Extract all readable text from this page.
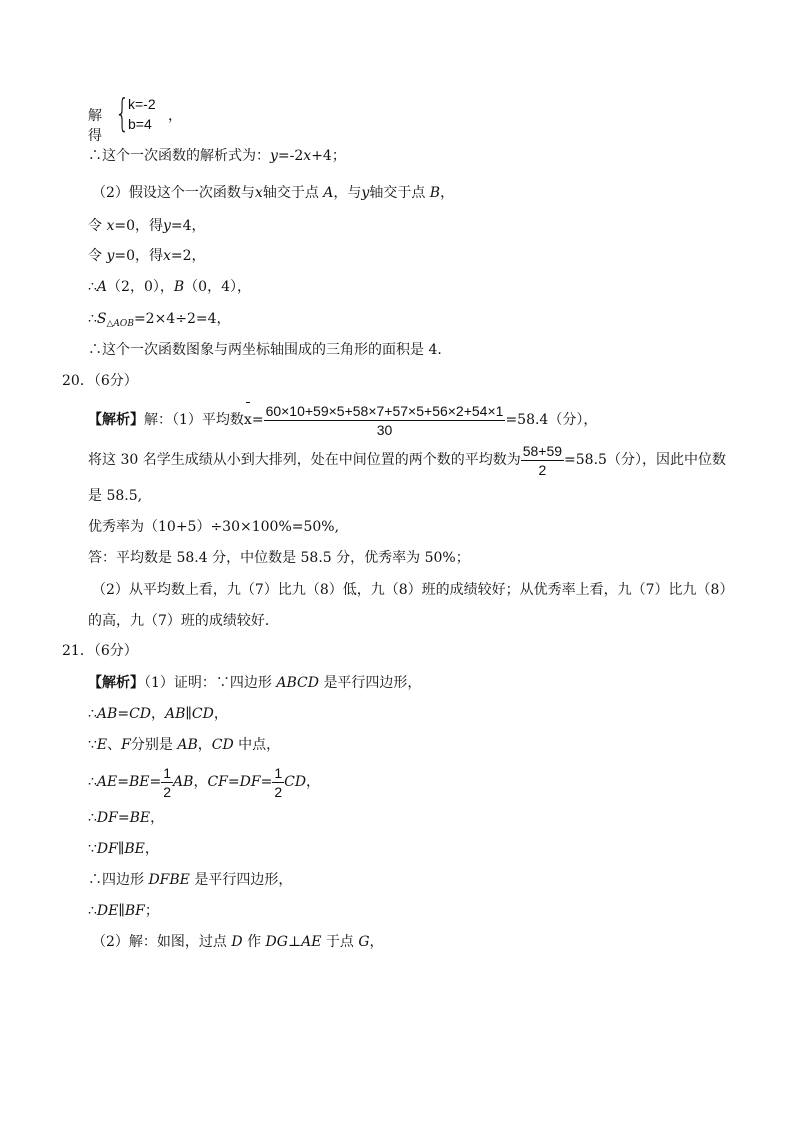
解得
{
k=-2
b=4 ，
∴这个一次函数的解析式为：y=-2x+4；
（2）假设这个一次函数与x轴交于点 A，与y轴交于点 B，
令 x=0，得y=4，
令 y=0，得x=2，
∴A（2，0），B（0，4），
$\therefore S_{\triangle AOB}=2\times 4\div 2=4$，
∴这个一次函数图象与两坐标轴围成的三角形的面积是 4．
20．（6分）
【解析】解：（1）平均数$x= \frac{60\times 10+59\times 5+58\times 7+57\times 5+56\times 2+54\times 1}{30} =58.4$（分），
将这 30 名学生成绩从小到大排列，处在中间位置的两个数的平均数为 $\frac{58+59}{2} =58.5$（分），因此中位数
是 58.5,
优秀率为（10+5）÷30×100%=50%,
答：平均数是 58.4 分，中位数是 58.5 分，优秀率为 50%；
（2）从平均数上看，九（7）比九（8）低，九（8）班的成绩较好；从优秀率上看，九（7）比九（8）
的高，九（7）班的成绩较好．
21．（6分）
【解析】（1）证明：∵四边形 ABCD 是平行四边形，
∴AB=CD，AB∥CD，
∵E、F分别是 AB，CD 中点，
∴AE=BE= $\frac{1}{2}$ AB，$CF=DF= \frac{1}{2}$ CD，
∴DF=BE，
∵DF∥BE，
∴四边形 DFBE 是平行四边形，
∴DE∥BF；
（2）解：如图，过点 D 作 DG⊥AE 于点 G，
